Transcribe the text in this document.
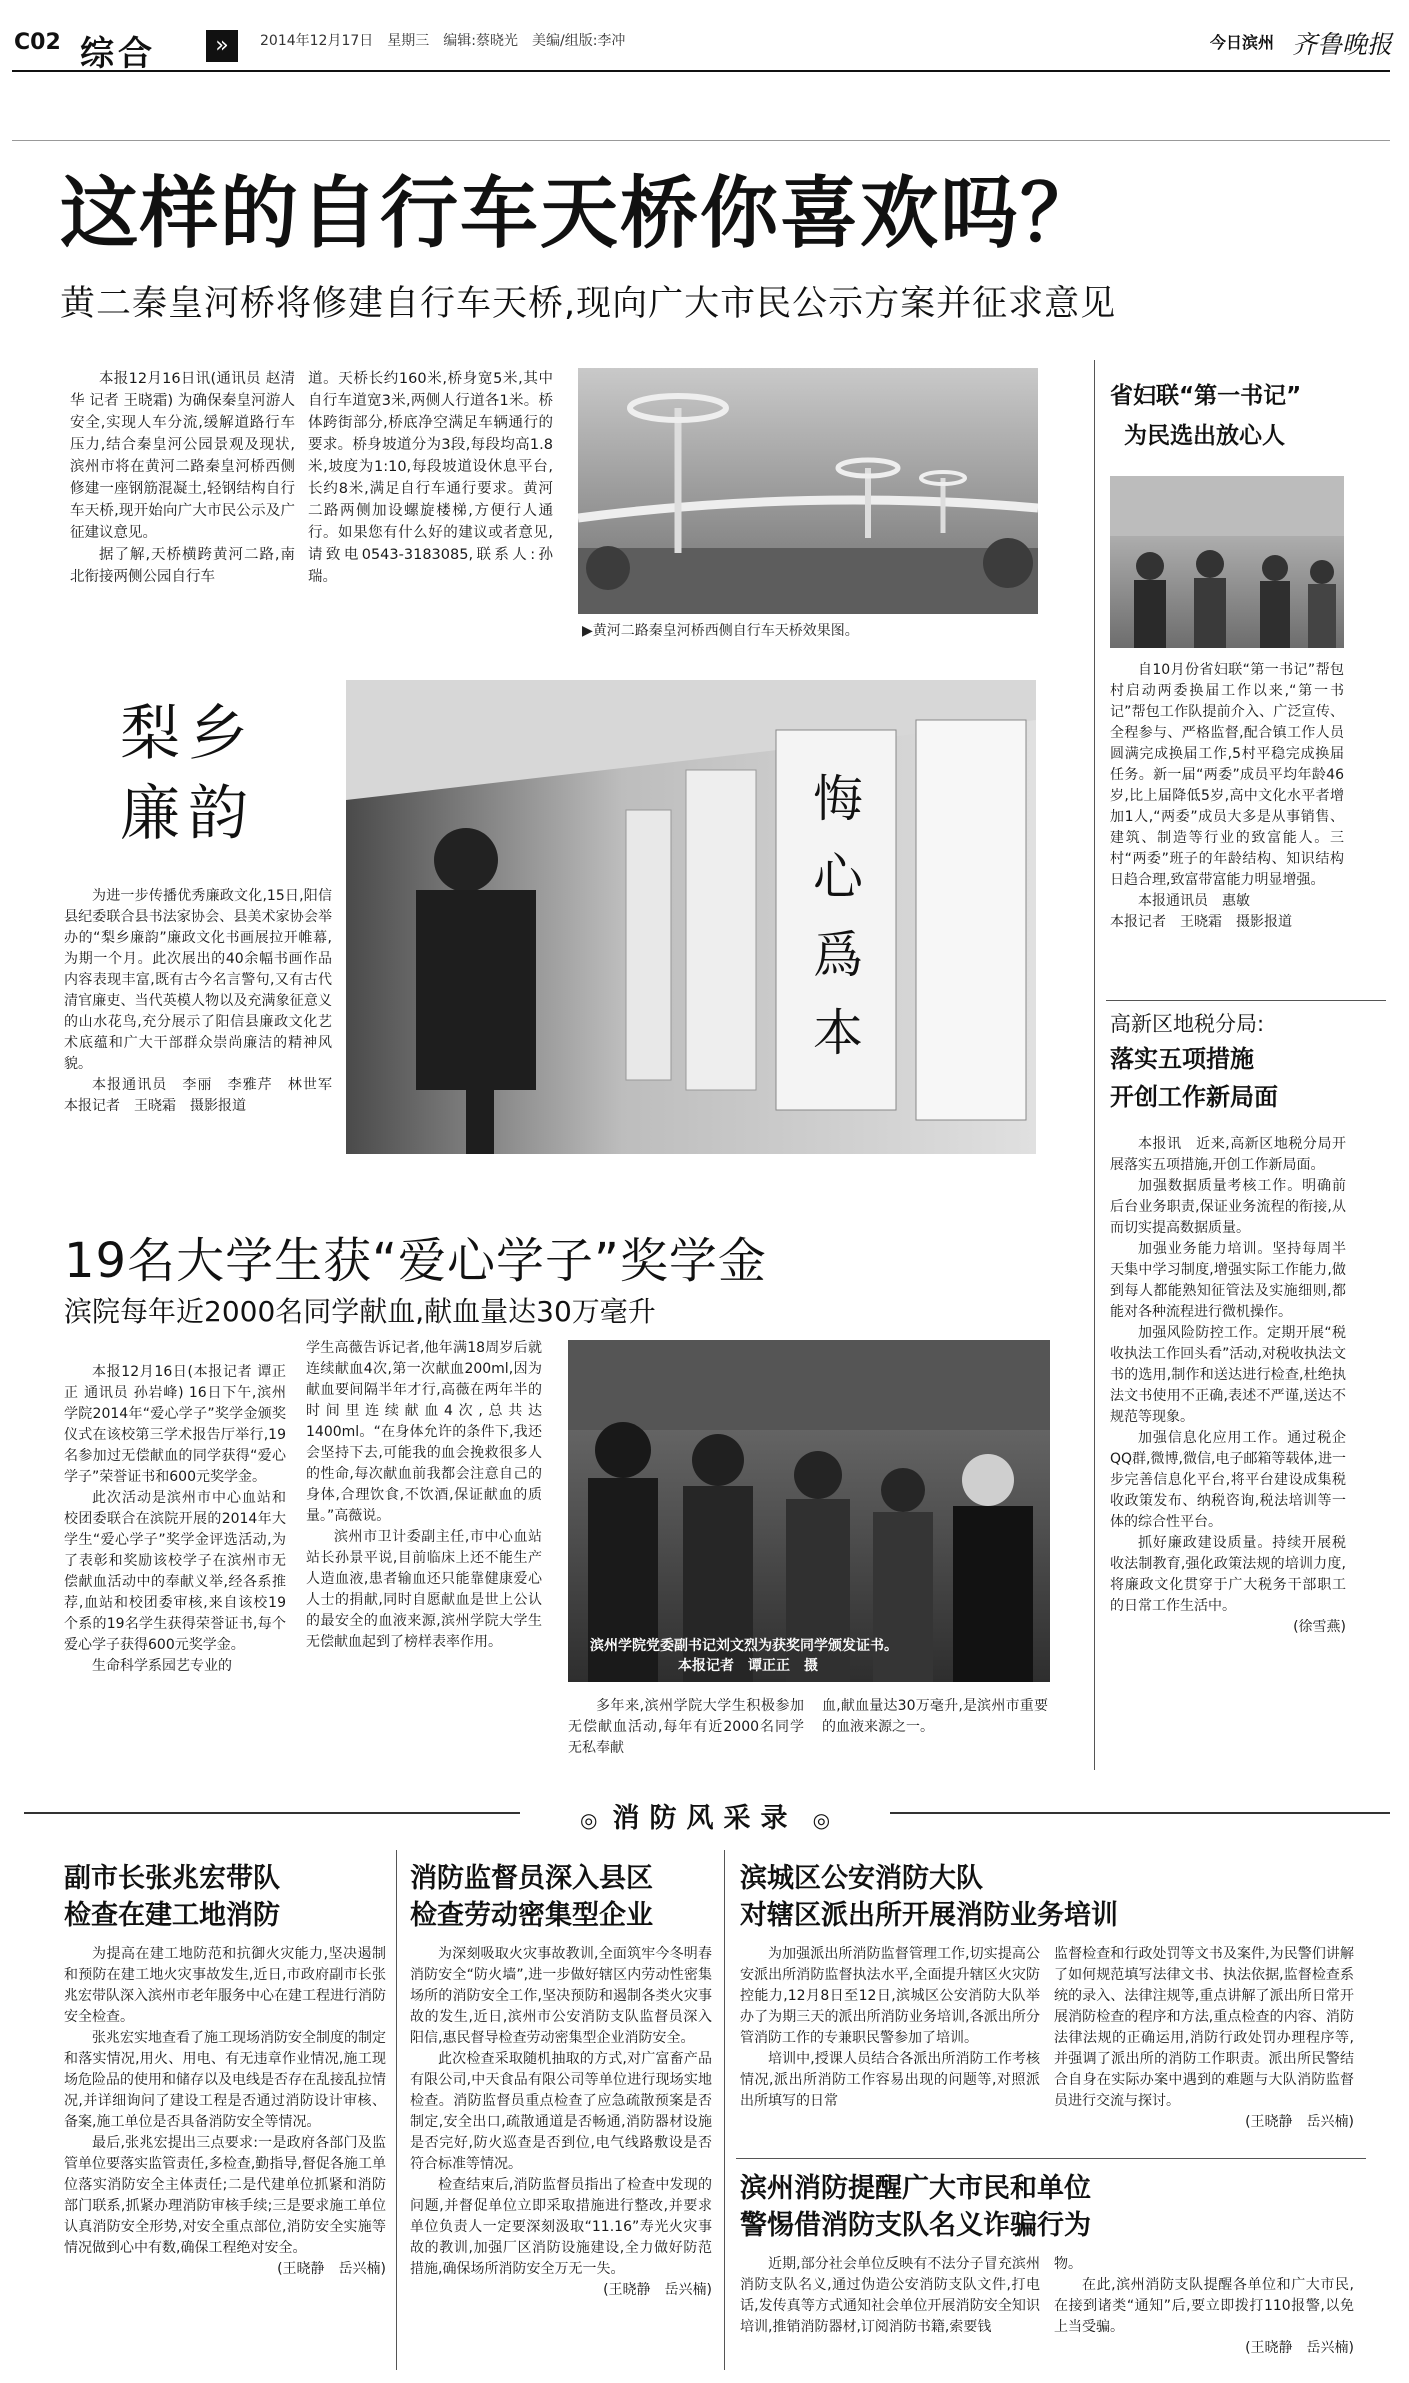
C02 综合	»	2014年12月17日　星期三　编辑:蔡晓光　美编/组版:李冲	今日滨州 齐鲁晚报
这样的自行车天桥你喜欢吗？
黄二秦皇河桥将修建自行车天桥,现向广大市民公示方案并征求意见

本报12月16日讯(通讯员 赵清华 记者 王晓霜) 为确保秦皇河游人安全,实现人车分流,缓解道路行车压力,结合秦皇河公园景观及现状,滨州市将在黄河二路秦皇河桥西侧修建一座钢筋混凝土,轻钢结构自行车天桥,现开始向广大市民公示及广征建议意见。

据了解,天桥横跨黄河二路,南北衔接两侧公园自行车

道。天桥长约160米,桥身宽5米,其中自行车道宽3米,两侧人行道各1米。桥体跨街部分,桥底净空满足车辆通行的要求。桥身坡道分为3段,每段均高1.8米,坡度为1:10,每段坡道设休息平台,长约8米,满足自行车通行要求。黄河二路两侧加设螺旋楼梯,方便行人通行。如果您有什么好的建议或者意见,请致电0543-3183085,联系人:孙瑞。

▶黄河二路秦皇河桥西侧自行车天桥效果图。
省妇联“第一书记”
为民选出放心人

自10月份省妇联“第一书记”帮包村启动两委换届工作以来,“第一书记”帮包工作队提前介入、广泛宣传、全程参与、严格监督,配合镇工作人员圆满完成换届工作,5村平稳完成换届任务。新一届“两委”成员平均年龄46岁,比上届降低5岁,高中文化水平者增加1人,“两委”成员大多是从事销售、建筑、制造等行业的致富能人。三村“两委”班子的年龄结构、知识结构日趋合理,致富带富能力明显增强。

本报通讯员　惠敏

本报记者　王晓霜　摄影报道

梨乡
廉韵

为进一步传播优秀廉政文化,15日,阳信县纪委联合县书法家协会、县美术家协会举办的“梨乡廉韵”廉政文化书画展拉开帷幕,为期一个月。此次展出的40余幅书画作品内容表现丰富,既有古今名言警句,又有古代清官廉吏、当代英模人物以及充满象征意义的山水花鸟,充分展示了阳信县廉政文化艺术底蕴和广大干部群众崇尚廉洁的精神风貌。

本报通讯员　李丽　李雅芹　林世军　本报记者　王晓霜　摄影报道

悔心爲本	高新区地税分局:
落实五项措施
开创工作新局面

本报讯　近来,高新区地税分局开展落实五项措施,开创工作新局面。

加强数据质量考核工作。明确前后台业务职责,保证业务流程的衔接,从而切实提高数据质量。

加强业务能力培训。坚持每周半天集中学习制度,增强实际工作能力,做到每人都能熟知征管法及实施细则,都能对各种流程进行微机操作。

加强风险防控工作。定期开展“税收执法工作回头看”活动,对税收执法文书的选用,制作和送达进行检查,杜绝执法文书使用不正确,表述不严谨,送达不规范等现象。

加强信息化应用工作。通过税企QQ群,微博,微信,电子邮箱等载体,进一步完善信息化平台,将平台建设成集税收政策发布、纳税咨询,税法培训等一体的综合性平台。

抓好廉政建设质量。持续开展税收法制教育,强化政策法规的培训力度,将廉政文化贯穿于广大税务干部职工的日常工作生活中。

(徐雪燕)
19名大学生获“爱心学子”奖学金
滨院每年近2000名同学献血,献血量达30万毫升

本报12月16日(本报记者 谭正正 通讯员 孙岩峰) 16日下午,滨州学院2014年“爱心学子”奖学金颁奖仪式在该校第三学术报告厅举行,19名参加过无偿献血的同学获得“爱心学子”荣誉证书和600元奖学金。

此次活动是滨州市中心血站和校团委联合在滨院开展的2014年大学生“爱心学子”奖学金评选活动,为了表彰和奖励该校学子在滨州市无偿献血活动中的奉献义举,经各系推荐,血站和校团委审核,来自该校19个系的19名学生获得荣誉证书,每个爱心学子获得600元奖学金。

生命科学系园艺专业的

学生高薇告诉记者,他年满18周岁后就连续献血4次,第一次献血200ml,因为献血要间隔半年才行,高薇在两年半的时间里连续献血4次,总共达1400ml。“在身体允许的条件下,我还会坚持下去,可能我的血会挽救很多人的性命,每次献血前我都会注意自己的身体,合理饮食,不饮酒,保证献血的质量。”高薇说。

滨州市卫计委副主任,市中心血站站长孙景平说,目前临床上还不能生产人造血液,患者输血还只能靠健康爱心人士的捐献,同时自愿献血是世上公认的最安全的血液来源,滨州学院大学生无偿献血起到了榜样表率作用。	滨州学院党委副书记刘文烈为获奖同学颁发证书。
本报记者　谭正正　摄

多年来,滨州学院大学生积极参加无偿献血活动,每年有近2000名同学无私奉献

血,献血量达30万毫升,是滨州市重要的血液来源之一。

◎ 消防风采录 ◎
副市长张兆宏带队
检查在建工地消防

为提高在建工地防范和抗御火灾能力,坚决遏制和预防在建工地火灾事故发生,近日,市政府副市长张兆宏带队深入滨州市老年服务中心在建工程进行消防安全检查。

张兆宏实地查看了施工现场消防安全制度的制定和落实情况,用火、用电、有无违章作业情况,施工现场危险品的使用和储存以及电线是否存在乱接乱拉情况,并详细询问了建设工程是否通过消防设计审核、备案,施工单位是否具备消防安全等情况。

最后,张兆宏提出三点要求:一是政府各部门及监管单位要落实监管责任,多检查,勤指导,督促各施工单位落实消防安全主体责任;二是代建单位抓紧和消防部门联系,抓紧办理消防审核手续;三是要求施工单位认真消防安全形势,对安全重点部位,消防安全实施等情况做到心中有数,确保工程绝对安全。

(王晓静　岳兴楠)
消防监督员深入县区
检查劳动密集型企业

为深刻吸取火灾事故教训,全面筑牢今冬明春消防安全“防火墙”,进一步做好辖区内劳动性密集场所的消防安全工作,坚决预防和遏制各类火灾事故的发生,近日,滨州市公安消防支队监督员深入阳信,惠民督导检查劳动密集型企业消防安全。

此次检查采取随机抽取的方式,对广富畜产品有限公司,中天食品有限公司等单位进行现场实地检查。消防监督员重点检查了应急疏散预案是否制定,安全出口,疏散通道是否畅通,消防器材设施是否完好,防火巡查是否到位,电气线路敷设是否符合标准等情况。

检查结束后,消防监督员指出了检查中发现的问题,并督促单位立即采取措施进行整改,并要求单位负责人一定要深刻汲取“11.16”寿光火灾事故的教训,加强厂区消防设施建设,全力做好防范措施,确保场所消防安全万无一失。

(王晓静　岳兴楠)
滨城区公安消防大队
对辖区派出所开展消防业务培训

为加强派出所消防监督管理工作,切实提高公安派出所消防监督执法水平,全面提升辖区火灾防控能力,12月8日至12日,滨城区公安消防大队举办了为期三天的派出所消防业务培训,各派出所分管消防工作的专兼职民警参加了培训。

培训中,授课人员结合各派出所消防工作考核情况,派出所消防工作容易出现的问题等,对照派出所填写的日常

监督检查和行政处罚等文书及案件,为民警们讲解了如何规范填写法律文书、执法依据,监督检查系统的录入、法律注规等,重点讲解了派出所日常开展消防检查的程序和方法,重点检查的内容、消防法律法规的正确运用,消防行政处罚办理程序等,并强调了派出所的消防工作职责。派出所民警结合自身在实际办案中遇到的难题与大队消防监督员进行交流与探讨。

(王晓静　岳兴楠)
滨州消防提醒广大市民和单位
警惕借消防支队名义诈骗行为

近期,部分社会单位反映有不法分子冒充滨州消防支队名义,通过伪造公安消防支队文件,打电话,发传真等方式通知社会单位开展消防安全知识培训,推销消防器材,订阅消防书籍,索要钱

物。

在此,滨州消防支队提醒各单位和广大市民,在接到诸类“通知”后,要立即拨打110报警,以免上当受骗。

(王晓静　岳兴楠)
